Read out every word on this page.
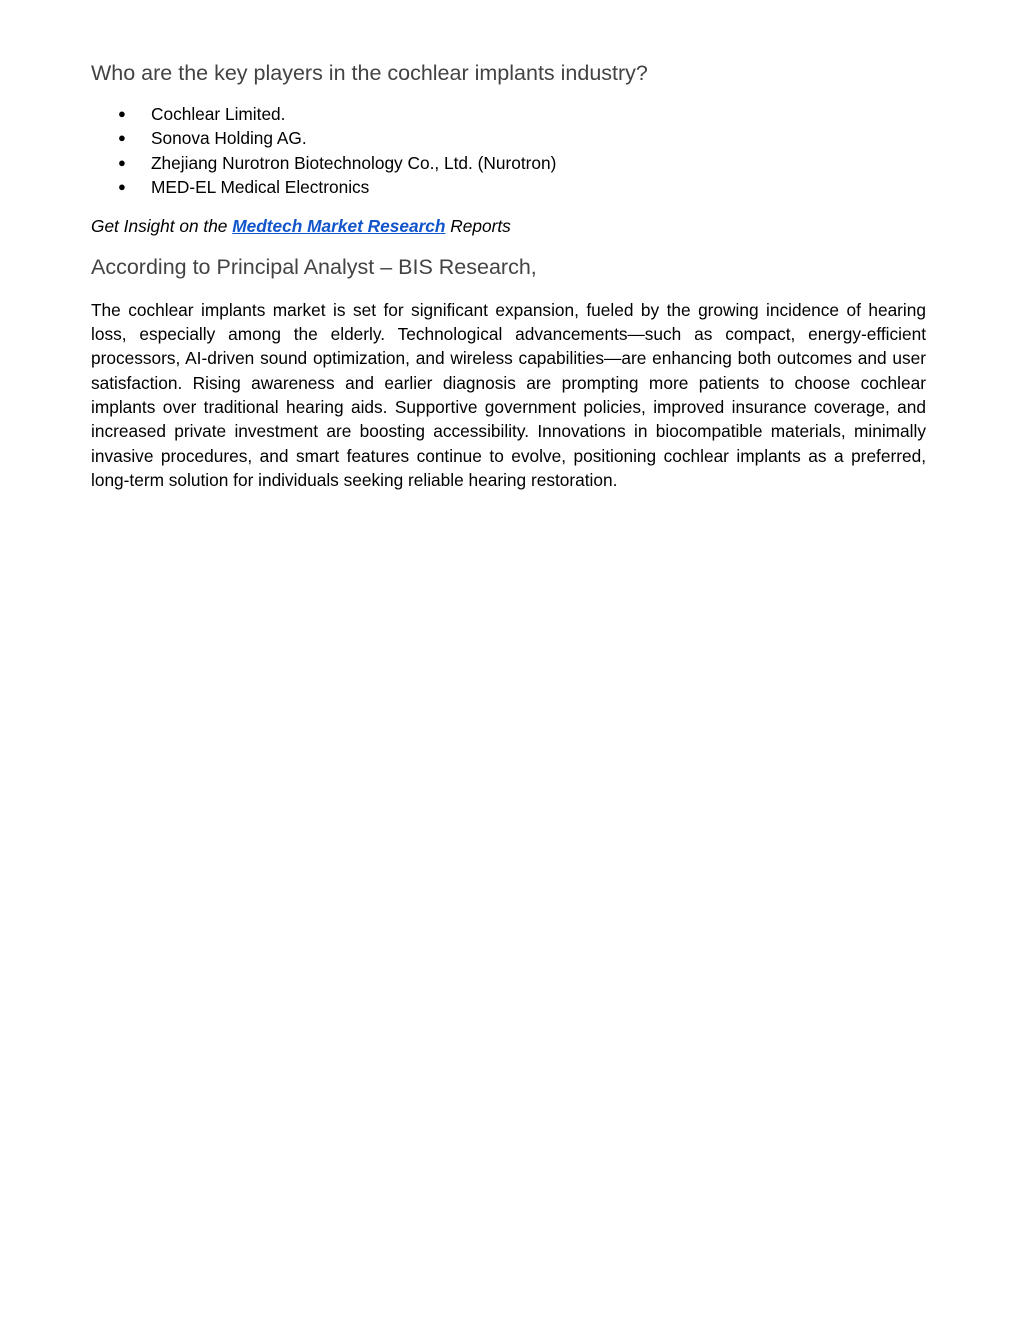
Who are the key players in the cochlear implants industry?
● Cochlear Limited.
● Sonova Holding AG.
● Zhejiang Nurotron Biotechnology Co., Ltd. (Nurotron)
● MED-EL Medical Electronics

Get Insight on the Medtech Market Research Reports

According to Principal Analyst – BIS Research,

The cochlear implants market is set for significant expansion, fueled by the growing incidence of hearing loss, especially among the elderly. Technological advancements—such as compact, energy-efficient processors, AI-driven sound optimization, and wireless capabilities—are enhancing both outcomes and user satisfaction. Rising awareness and earlier diagnosis are prompting more patients to choose cochlear implants over traditional hearing aids. Supportive government policies, improved insurance coverage, and increased private investment are boosting accessibility. Innovations in biocompatible materials, minimally invasive procedures, and smart features continue to evolve, positioning cochlear implants as a preferred, long-term solution for individuals seeking reliable hearing restoration.
